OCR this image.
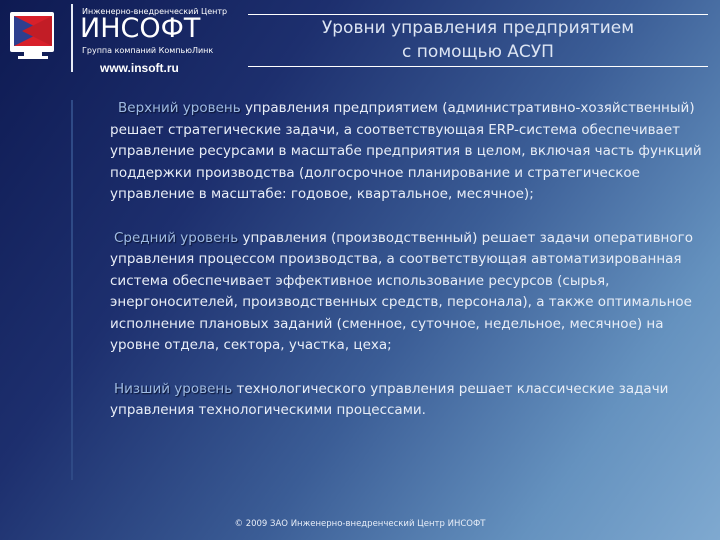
Инженерно-внедренческий Центр
ИНСОФТ
Группа компаний КомпьюЛинк
www.insoft.ru
Уровни управления предприятием
с помощью АСУП

Верхний уровень управления предприятием (административно-хозяйственный) решает стратегические задачи, а соответствующая ERP-система обеспечивает управление ресурсами в масштабе предприятия в целом, включая часть функций поддержки производства (долгосрочное планирование и стратегическое управление в масштабе: годовое, квартальное, месячное);

Средний уровень управления (производственный) решает задачи оперативного управления процессом производства, а соответствующая автоматизированная система обеспечивает эффективное использование ресурсов (сырья, энергоносителей, производственных средств, персонала), а также оптимальное исполнение плановых заданий (сменное, суточное, недельное, месячное) на уровне отдела, сектора, участка, цеха;

Низший уровень технологического управления решает классические задачи управления технологическими процессами.

© 2009 ЗАО Инженерно-внедренческий Центр ИНСОФТ
